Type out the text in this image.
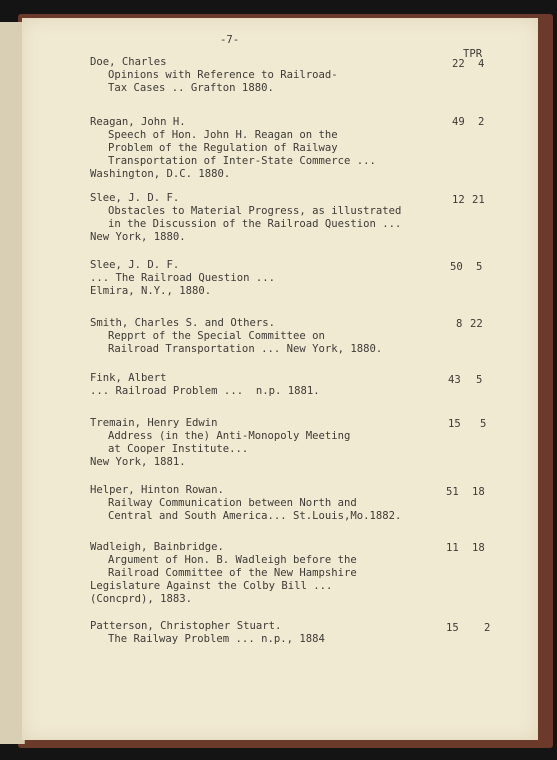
-7-
TPR
Doe, Charles
Opinions with Reference to Railroad-
Tax Cases .. Grafton 1880.

22

4

Reagan, John H.
Speech of Hon. John H. Reagan on the
Problem of the Regulation of Railway
Transportation of Inter-State Commerce ...
Washington, D.C. 1880.

49

2

Slee, J. D. F.
Obstacles to Material Progress, as illustrated
in the Discussion of the Railroad Question ...
New York, 1880.

12

21

Slee, J. D. F.
... The Railroad Question ...
Elmira, N.Y., 1880.

50

5

Smith, Charles S. and Others.
Repprt of the Special Committee on
Railroad Transportation ... New York, 1880.

8

22

Fink, Albert
... Railroad Problem ...  n.p. 1881.

43

5

Tremain, Henry Edwin
Address (in the) Anti-Monopoly Meeting
at Cooper Institute...
New York, 1881.

15

5

Helper, Hinton Rowan.
Railway Communication between North and
Central and South America... St.Louis,Mo.1882.

51

18

Wadleigh, Bainbridge.
Argument of Hon. B. Wadleigh before the
Railroad Committee of the New Hampshire
Legislature Against the Colby Bill ...
(Concprd), 1883.

11

18

Patterson, Christopher Stuart.
The Railway Problem ... n.p., 1884

15

2
